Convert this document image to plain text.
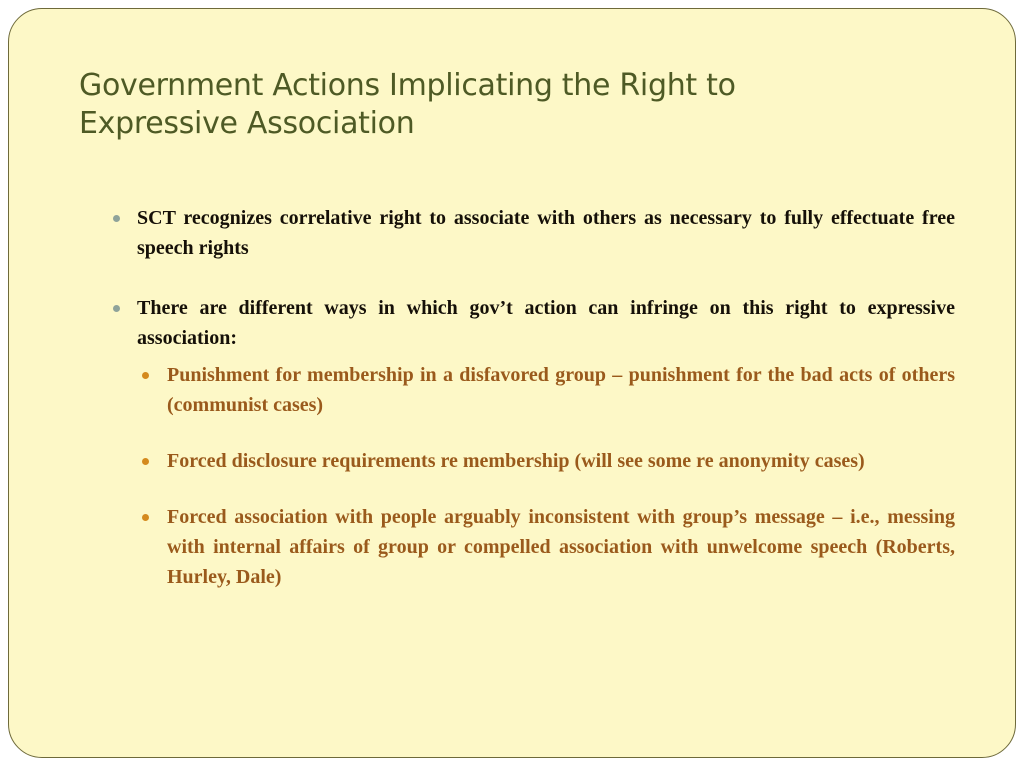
Government Actions Implicating the Right to
Expressive Association
SCT recognizes correlative right to associate with others as necessary to fully effectuate free speech rights
There are different ways in which gov’t action can infringe on this right to expressive association:
Punishment for membership in a disfavored group – punishment for the bad acts of others (communist cases)
Forced disclosure requirements re membership (will see some re anonymity cases)
Forced association with people arguably inconsistent with group’s message – i.e., messing with internal affairs of group or compelled association with unwelcome speech (Roberts, Hurley, Dale)
